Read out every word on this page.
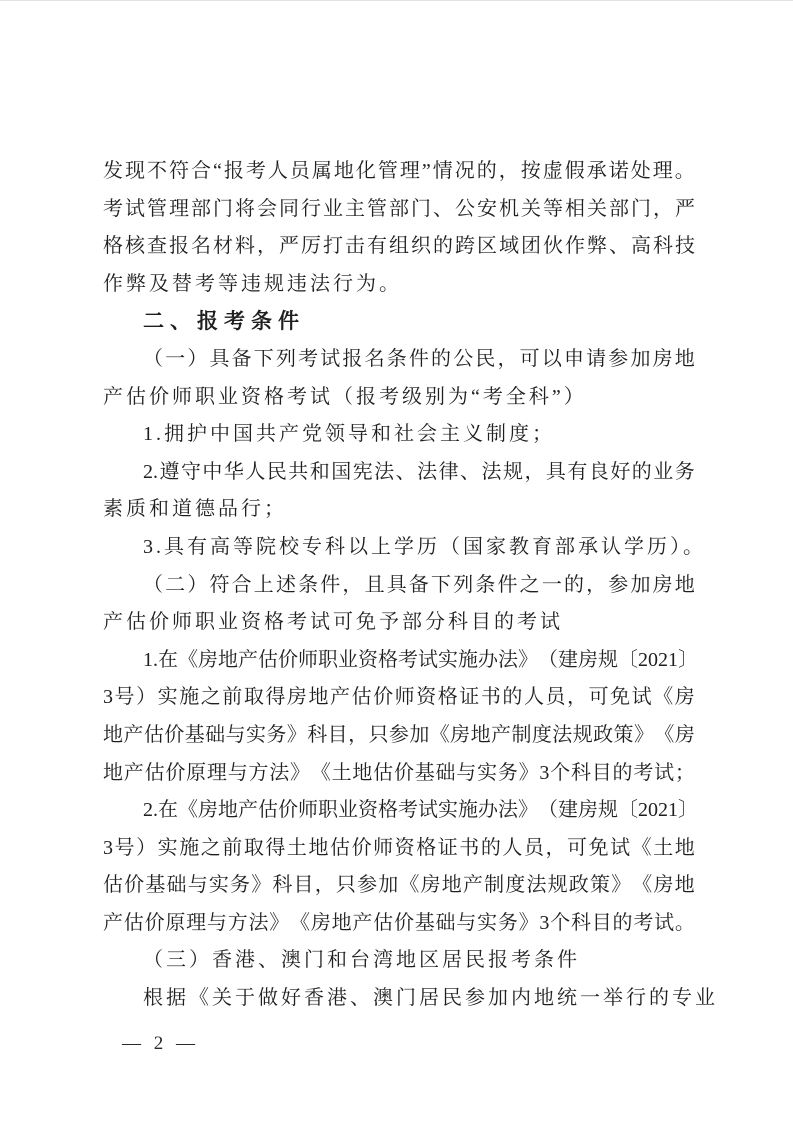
发 现 不 符 合 “ 报 考 人 员 属 地 化 管 理 ” 情 况 的 ， 按 虚 假 承 诺 处 理 。
考 试 管 理 部 门 将 会 同 行 业 主 管 部 门 、 公 安 机 关 等 相 关 部 门 ， 严
格 核 查 报 名 材 料 ， 严 厉 打 击 有 组 织 的 跨 区 域 团 伙 作 弊 、 高 科 技
作弊及替考等违规违法行为。
二、报考条件
（ 一 ） 具 备 下 列 考 试 报 名 条 件 的 公 民 ， 可 以 申 请 参 加 房 地
产估价师职业资格考试（报考级别为“考全科”）
1.拥护中国共产党领导和社会主义制度；
2. 遵 守 中 华 人 民 共 和 国 宪 法 、 法 律 、 法 规 ， 具 有 良 好 的 业 务
素质和道德品行；
3.具有高等院校专科以上学历（国家教育部承认学历）。
（ 二 ） 符 合 上 述 条 件 ， 且 具 备 下 列 条 件 之 一 的 ， 参 加 房 地
产估价师职业资格考试可免予部分科目的考试
1. 在 《 房 地 产 估 价 师 职 业 资 格 考 试 实 施 办 法 》 （ 建 房 规 〔 2021 〕
3 号 ） 实 施 之 前 取 得 房 地 产 估 价 师 资 格 证 书 的 人 员 ， 可 免 试 《 房
地 产 估 价 基 础 与 实 务 》 科 目 ， 只 参 加 《 房 地 产 制 度 法 规 政 策 》 《 房
地 产 估 价 原 理 与 方 法 》 《 土 地 估 价 基 础 与 实 务 》 3 个 科 目 的 考 试 ；
2. 在 《 房 地 产 估 价 师 职 业 资 格 考 试 实 施 办 法 》 （ 建 房 规 〔 2021 〕
3 号 ） 实 施 之 前 取 得 土 地 估 价 师 资 格 证 书 的 人 员 ， 可 免 试 《 土 地
估 价 基 础 与 实 务 》 科 目 ， 只 参 加 《 房 地 产 制 度 法 规 政 策 》 《 房 地
产 估 价 原 理 与 方 法 》 《 房 地 产 估 价 基 础 与 实 务 》 3 个 科 目 的 考 试 。
（三）香港、澳门和台湾地区居民报考条件
根据《关于做好香港、澳门居民参加内地统一举行的专业
— 2 —
